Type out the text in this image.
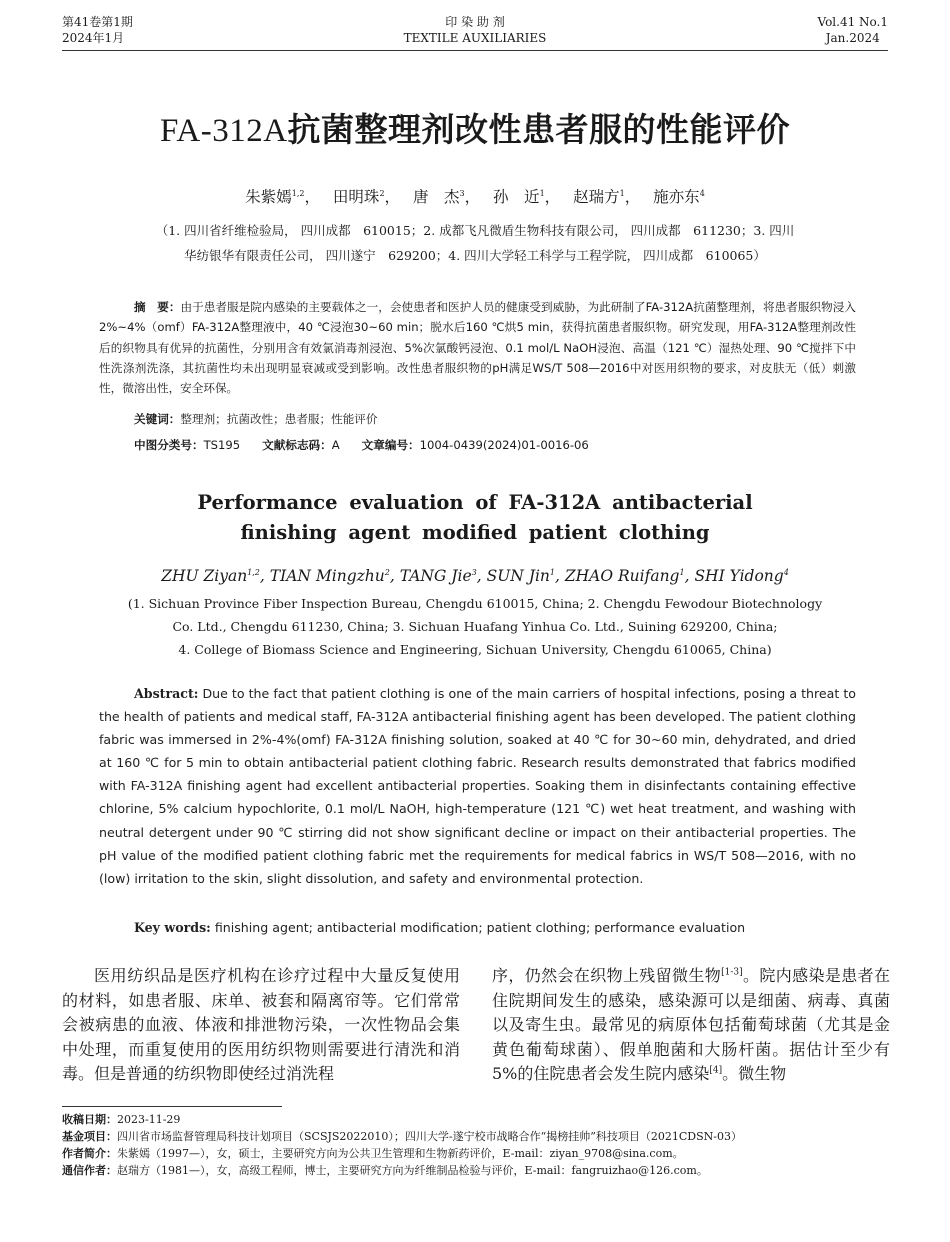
第41卷第1期
2024年1月
印 染 助 剂
TEXTILE AUXILIARIES
Vol.41 No.1
Jan.2024
FA-312A抗菌整理剂改性患者服的性能评价
朱紫嫣$^{1,2}$， 田明珠$^2$， 唐　杰$^3$， 孙　近$^1$， 赵瑞方$^1$， 施亦东$^4$
（1. 四川省纤维检验局， 四川成都　610015；2. 成都飞凡微盾生物科技有限公司， 四川成都　611230；3. 四川
华纺银华有限责任公司， 四川遂宁　629200；4. 四川大学轻工科学与工程学院， 四川成都　610065）
摘　要：由于患者服是院内感染的主要载体之一，会使患者和医护人员的健康受到威胁，为此研制了FA-312A抗菌整理剂，将患者服织物浸入2%~4%（omf）FA-312A整理液中，40 ℃浸泡30~60 min；脱水后160 ℃烘5 min，获得抗菌患者服织物。研究发现，用FA-312A整理剂改性后的织物具有优异的抗菌性，分别用含有效氯消毒剂浸泡、5%次氯酸钙浸泡、0.1 mol/L NaOH浸泡、高温（121 ℃）湿热处理、90 ℃搅拌下中性洗涤剂洗涤，其抗菌性均未出现明显衰减或受到影响。改性患者服织物的pH满足WS/T 508—2016中对医用织物的要求，对皮肤无（低）刺激性，微溶出性，安全环保。
关键词：整理剂；抗菌改性；患者服；性能评价
中图分类号：TS195 文献标志码：A 文章编号：1004-0439(2024)01-0016-06
Performance evaluation of FA-312A antibacterial
finishing agent modified patient clothing
ZHU Ziyan$^{1,2}$, TIAN Mingzhu$^2$, TANG Jie$^3$, SUN Jin$^1$, ZHAO Ruifang$^1$, SHI Yidong$^4$
(1. Sichuan Province Fiber Inspection Bureau, Chengdu 610015, China; 2. Chengdu Fewodour Biotechnology
Co. Ltd., Chengdu 611230, China; 3. Sichuan Huafang Yinhua Co. Ltd., Suining 629200, China;
4. College of Biomass Science and Engineering, Sichuan University, Chengdu 610065, China)
Abstract: Due to the fact that patient clothing is one of the main carriers of hospital infections, posing a threat to the health of patients and medical staff, FA-312A antibacterial finishing agent has been developed. The patient clothing fabric was immersed in 2%-4%(omf) FA-312A finishing solution, soaked at 40 ℃ for 30~60 min, dehydrated, and dried at 160 ℃ for 5 min to obtain antibacterial patient clothing fabric. Research results demonstrated that fabrics modified with FA-312A finishing agent had excellent antibacterial properties. Soaking them in disinfectants containing effective chlorine, 5% calcium hypochlorite, 0.1 mol/L NaOH, high-temperature (121 ℃) wet heat treatment, and washing with neutral detergent under 90 ℃ stirring did not show significant decline or impact on their antibacterial properties. The pH value of the modified patient clothing fabric met the requirements for medical fabrics in WS/T 508—2016, with no (low) irritation to the skin, slight dissolution, and safety and environmental protection.
Key words: finishing agent; antibacterial modification; patient clothing; performance evaluation
医用纺织品是医疗机构在诊疗过程中大量反复使用的材料，如患者服、床单、被套和隔离帘等。它们常常会被病患的血液、体液和排泄物污染，一次性物品会集中处理，而重复使用的医用纺织物则需要进行清洗和消毒。但是普通的纺织物即使经过消洗程
序，仍然会在织物上残留微生物[1-3]。院内感染是患者在住院期间发生的感染，感染源可以是细菌、病毒、真菌以及寄生虫。最常见的病原体包括葡萄球菌（尤其是金黄色葡萄球菌）、假单胞菌和大肠杆菌。据估计至少有5%的住院患者会发生院内感染[4]。微生物
收稿日期：2023-11-29
基金项目：四川省市场监督管理局科技计划项目（SCSJS2022010）；四川大学-遂宁校市战略合作“揭榜挂帅”科技项目（2021CDSN-03）
作者简介：朱紫嫣（1997—），女，硕士，主要研究方向为公共卫生管理和生物新药评价，E-mail：ziyan_9708@sina.com。
通信作者：赵瑞方（1981—），女，高级工程师，博士，主要研究方向为纤维制品检验与评价，E-mail：fangruizhao@126.com。
